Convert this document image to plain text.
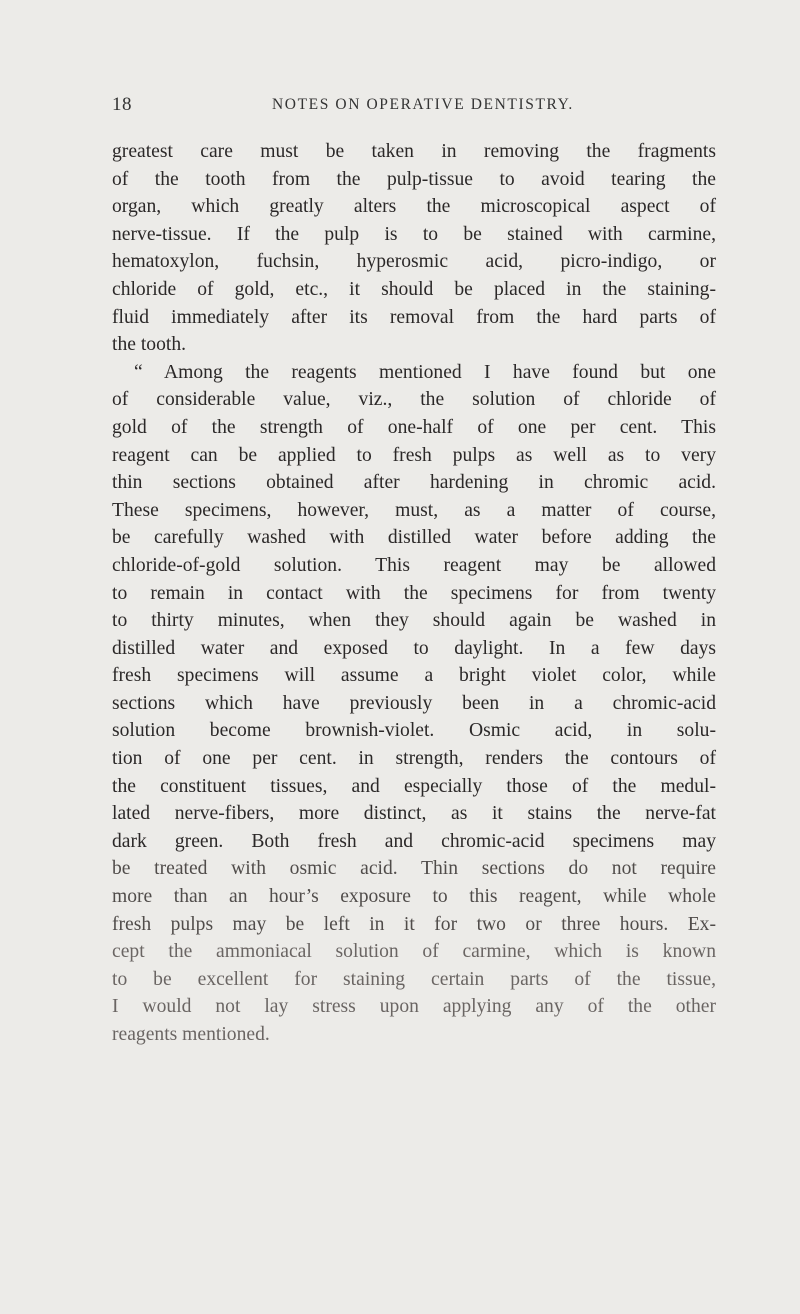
18	NOTES ON OPERATIVE DENTISTRY.
greatest care must be taken in removing the fragments
of the tooth from the pulp-tissue to avoid tearing the
organ, which greatly alters the microscopical aspect of
nerve-tissue. If the pulp is to be stained with carmine,
hematoxylon, fuchsin, hyperosmic acid, picro-indigo, or
chloride of gold, etc., it should be placed in the staining-
fluid immediately after its removal from the hard parts of
the tooth.
“ Among the reagents mentioned I have found but one
of considerable value, viz., the solution of chloride of
gold of the strength of one-half of one per cent. This
reagent can be applied to fresh pulps as well as to very
thin sections obtained after hardening in chromic acid.
These specimens, however, must, as a matter of course,
be carefully washed with distilled water before adding the
chloride-of-gold solution. This reagent may be allowed
to remain in contact with the specimens for from twenty
to thirty minutes, when they should again be washed in
distilled water and exposed to daylight. In a few days
fresh specimens will assume a bright violet color, while
sections which have previously been in a chromic-acid
solution become brownish-violet. Osmic acid, in solu-
tion of one per cent. in strength, renders the contours of
the constituent tissues, and especially those of the medul-
lated nerve-fibers, more distinct, as it stains the nerve-fat
dark green. Both fresh and chromic-acid specimens may
be treated with osmic acid. Thin sections do not require
more than an hour’s exposure to this reagent, while whole
fresh pulps may be left in it for two or three hours. Ex-
cept the ammoniacal solution of carmine, which is known
to be excellent for staining certain parts of the tissue,
I would not lay stress upon applying any of the other
reagents mentioned.
